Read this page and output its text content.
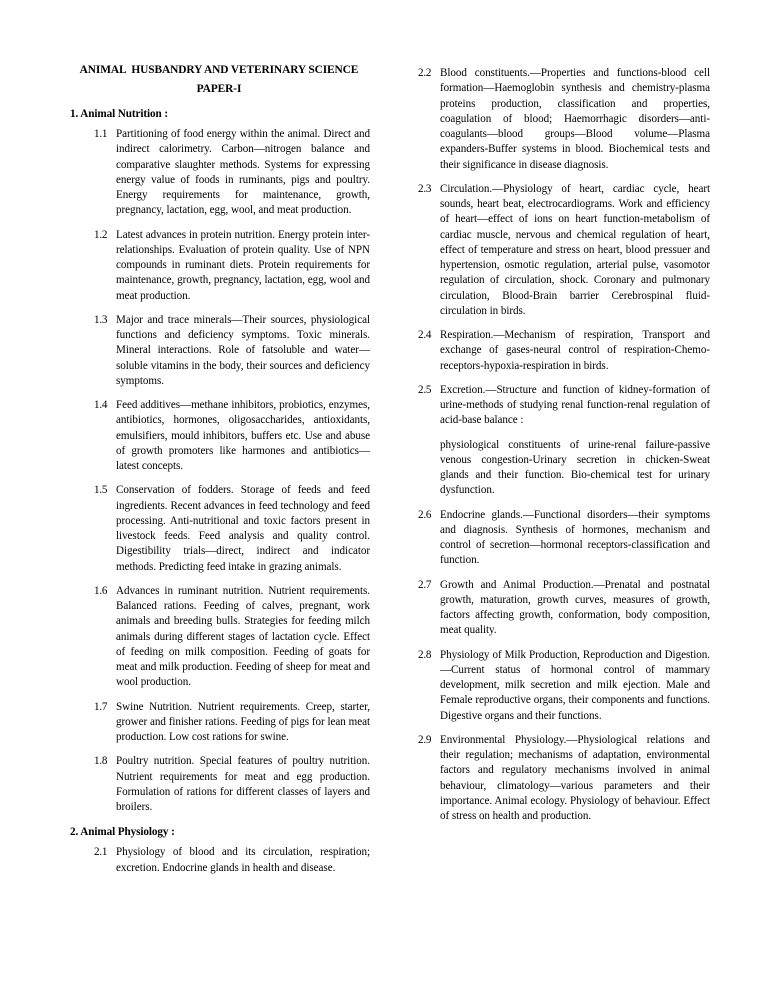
ANIMAL  HUSBANDRY AND VETERINARY SCIENCE
PAPER-I
1. Animal Nutrition :
1.1 Partitioning of food energy within the animal. Direct and indirect calorimetry. Carbon—nitrogen balance and comparative slaughter methods. Systems for expressing energy value of foods in ruminants, pigs and poultry. Energy requirements for maintenance, growth, pregnancy, lactation, egg, wool, and meat production.
1.2 Latest advances in protein nutrition. Energy protein inter-relationships. Evaluation of protein quality. Use of NPN compounds in ruminant diets. Protein requirements for maintenance, growth, pregnancy, lactation, egg, wool and meat production.
1.3 Major and trace minerals—Their sources, physiological functions and deficiency symptoms. Toxic minerals. Mineral interactions. Role of fatsoluble and water—soluble vitamins in the body, their sources and deficiency symptoms.
1.4 Feed additives—methane inhibitors, probiotics, enzymes, antibiotics, hormones, oligosaccharides, antioxidants, emulsifiers, mould inhibitors, buffers etc. Use and abuse of growth promoters like harmones and antibiotics—latest concepts.
1.5 Conservation of fodders. Storage of feeds and feed ingredients. Recent advances in feed technology and feed processing. Anti-nutritional and toxic factors present in livestock feeds. Feed analysis and quality control. Digestibility trials—direct, indirect and indicator methods. Predicting feed intake in grazing animals.
1.6 Advances in ruminant nutrition. Nutrient requirements. Balanced rations. Feeding of calves, pregnant, work animals and breeding bulls. Strategies for feeding milch animals during different stages of lactation cycle. Effect of feeding on milk composition. Feeding of goats for meat and milk production. Feeding of sheep for meat and wool production.
1.7 Swine Nutrition. Nutrient requirements. Creep, starter, grower and finisher rations. Feeding of pigs for lean meat production. Low cost rations for swine.
1.8 Poultry nutrition. Special features of poultry nutrition. Nutrient requirements for meat and egg production. Formulation of rations for different classes of layers and broilers.
2. Animal Physiology :
2.1 Physiology of blood and its circulation, respiration; excretion. Endocrine glands in health and disease.
2.2 Blood constituents.—Properties and functions-blood cell formation—Haemoglobin synthesis and chemistry-plasma proteins production, classification and properties, coagulation of blood; Haemorrhagic disorders—anti-coagulants—blood groups—Blood volume—Plasma expanders-Buffer systems in blood. Biochemical tests and their significance in disease diagnosis.
2.3 Circulation.—Physiology of heart, cardiac cycle, heart sounds, heart beat, electrocardiograms. Work and efficiency of heart—effect of ions on heart function-metabolism of cardiac muscle, nervous and chemical regulation of heart, effect of temperature and stress on heart, blood pressuer and hypertension, osmotic regulation, arterial pulse, vasomotor regulation of circulation, shock. Coronary and pulmonary circulation, Blood-Brain barrier Cerebrospinal fluid-circulation in birds.
2.4 Respiration.—Mechanism of respiration, Transport and exchange of gases-neural control of respiration-Chemo-receptors-hypoxia-respiration in birds.
2.5 Excretion.—Structure and function of kidney-formation of urine-methods of studying renal function-renal regulation of acid-base balance :

physiological constituents of urine-renal failure-passive venous congestion-Urinary secretion in chicken-Sweat glands and their function. Bio-chemical test for urinary dysfunction.

2.6 Endocrine glands.—Functional disorders—their symptoms and diagnosis. Synthesis of hormones, mechanism and control of secretion—hormonal receptors-classification and function.
2.7 Growth and Animal Production.—Prenatal and postnatal growth, maturation, growth curves, measures of growth, factors affecting growth, conformation, body composition, meat quality.
2.8 Physiology of Milk Production, Reproduction and Digestion.—Current status of hormonal control of mammary development, milk secretion and milk ejection. Male and Female reproductive organs, their components and functions. Digestive organs and their functions.
2.9 Environmental Physiology.—Physiological relations and their regulation; mechanisms of adaptation, environmental factors and regulatory mechanisms involved in animal behaviour, climatology—various parameters and their importance. Animal ecology. Physiology of behaviour. Effect of stress on health and production.
